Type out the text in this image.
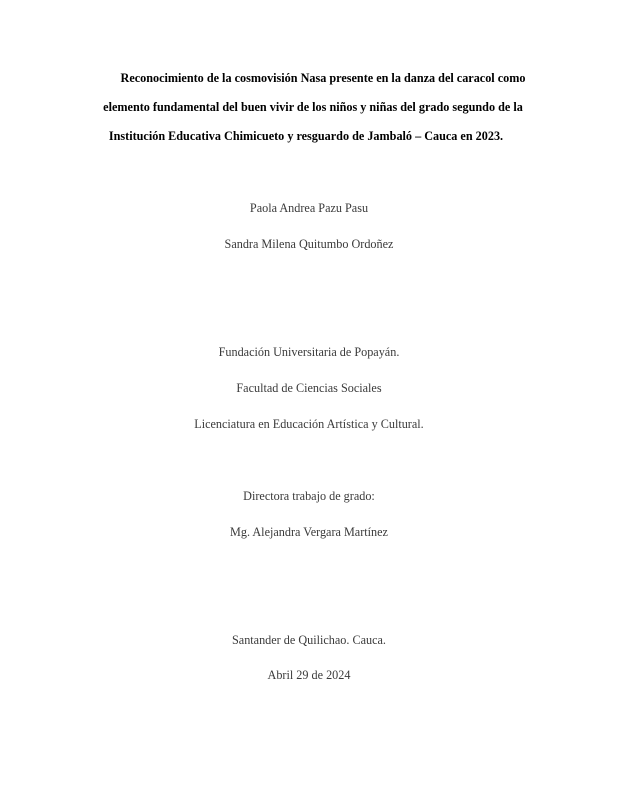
Reconocimiento de la cosmovisión Nasa presente en la danza del caracol como
elemento fundamental del buen vivir de los niños y niñas del grado segundo de la
Institución Educativa Chimicueto y resguardo de Jambaló – Cauca en 2023.
Paola Andrea Pazu Pasu
Sandra Milena Quitumbo Ordoñez
Fundación Universitaria de Popayán.
Facultad de Ciencias Sociales
Licenciatura en Educación Artística y Cultural.
Directora trabajo de grado:
Mg. Alejandra Vergara Martínez
Santander de Quilichao. Cauca.
Abril 29 de 2024
